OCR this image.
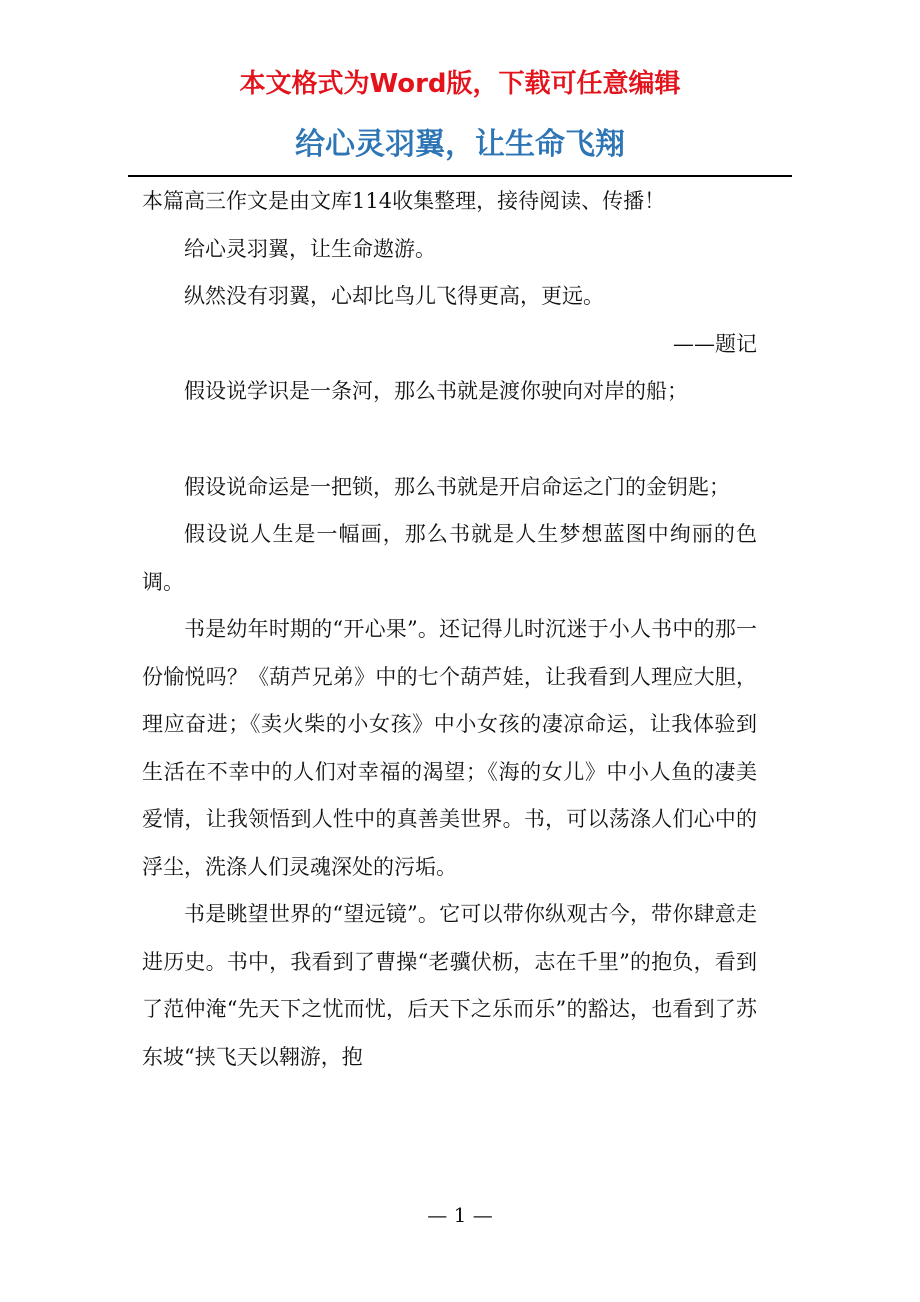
本文格式为Word版，下载可任意编辑
给心灵羽翼，让生命飞翔

本篇高三作文是由文库114收集整理，接待阅读、传播！

给心灵羽翼，让生命遨游。

纵然没有羽翼，心却比鸟儿飞得更高，更远。

——题记

假设说学识是一条河，那么书就是渡你驶向对岸的船；

假设说命运是一把锁，那么书就是开启命运之门的金钥匙；

假设说人生是一幅画，那么书就是人生梦想蓝图中绚丽的色调。

书是幼年时期的“开心果”。还记得儿时沉迷于小人书中的那一份愉悦吗？《葫芦兄弟》中的七个葫芦娃，让我看到人理应大胆，理应奋进；《卖火柴的小女孩》中小女孩的凄凉命运，让我体验到生活在不幸中的人们对幸福的渴望；《海的女儿》中小人鱼的凄美爱情，让我领悟到人性中的真善美世界。书，可以荡涤人们心中的浮尘，洗涤人们灵魂深处的污垢。

书是眺望世界的“望远镜”。它可以带你纵观古今，带你肆意走进历史。书中，我看到了曹操“老骥伏枥，志在千里”的抱负，看到了范仲淹“先天下之忧而忧，后天下之乐而乐”的豁达，也看到了苏东坡“挟飞天以翱游，抱

— 1 —
